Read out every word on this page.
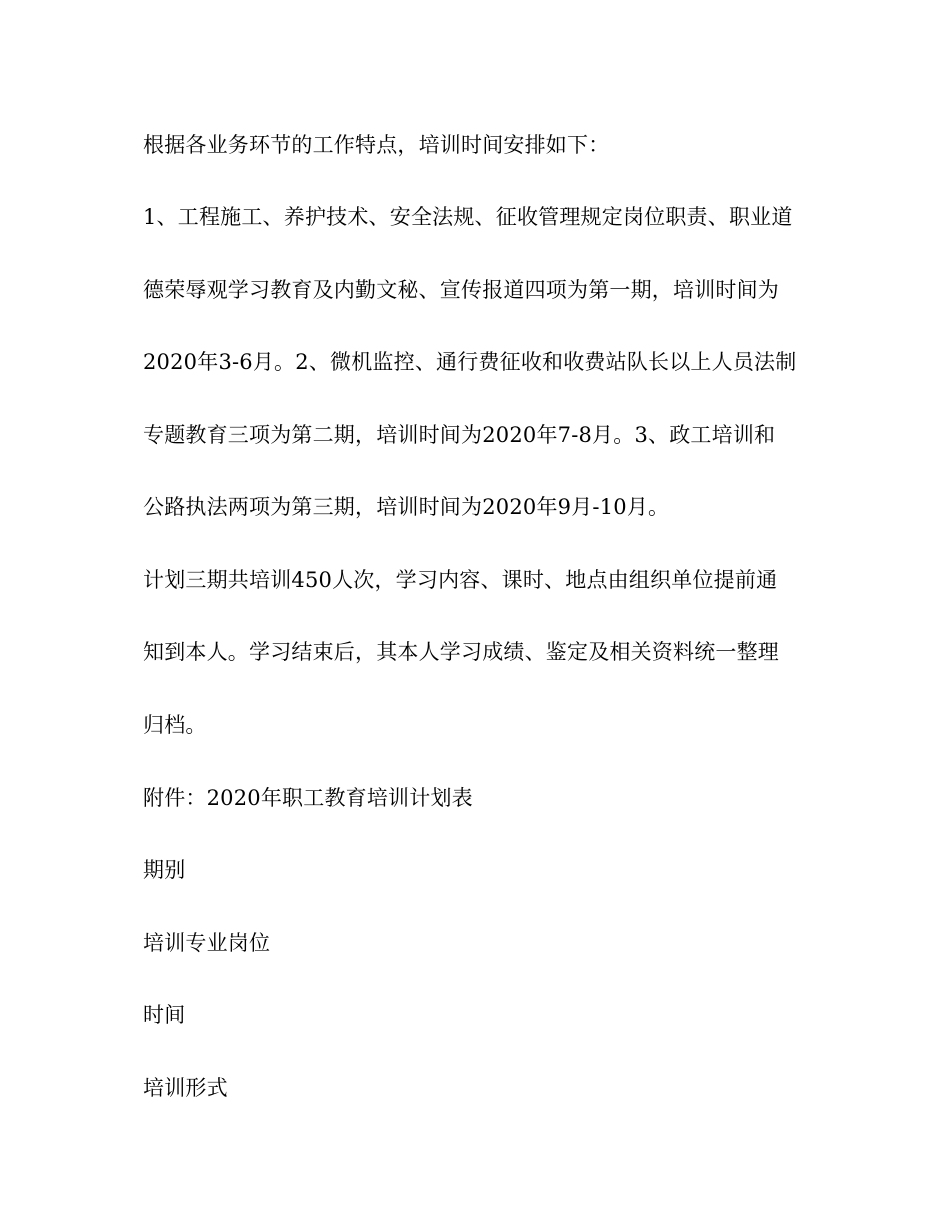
根据各业务环节的工作特点，培训时间安排如下：
1、工程施工、养护技术、安全法规、征收管理规定岗位职责、职业道
德荣辱观学习教育及内勤文秘、宣传报道四项为第一期，培训时间为
2020年3-6月。2、微机监控、通行费征收和收费站队长以上人员法制
专题教育三项为第二期，培训时间为2020年7-8月。3、政工培训和
公路执法两项为第三期，培训时间为2020年9月-10月。
计划三期共培训450人次，学习内容、课时、地点由组织单位提前通
知到本人。学习结束后，其本人学习成绩、鉴定及相关资料统一整理
归档。
附件：2020年职工教育培训计划表
期别
培训专业岗位
时间
培训形式
